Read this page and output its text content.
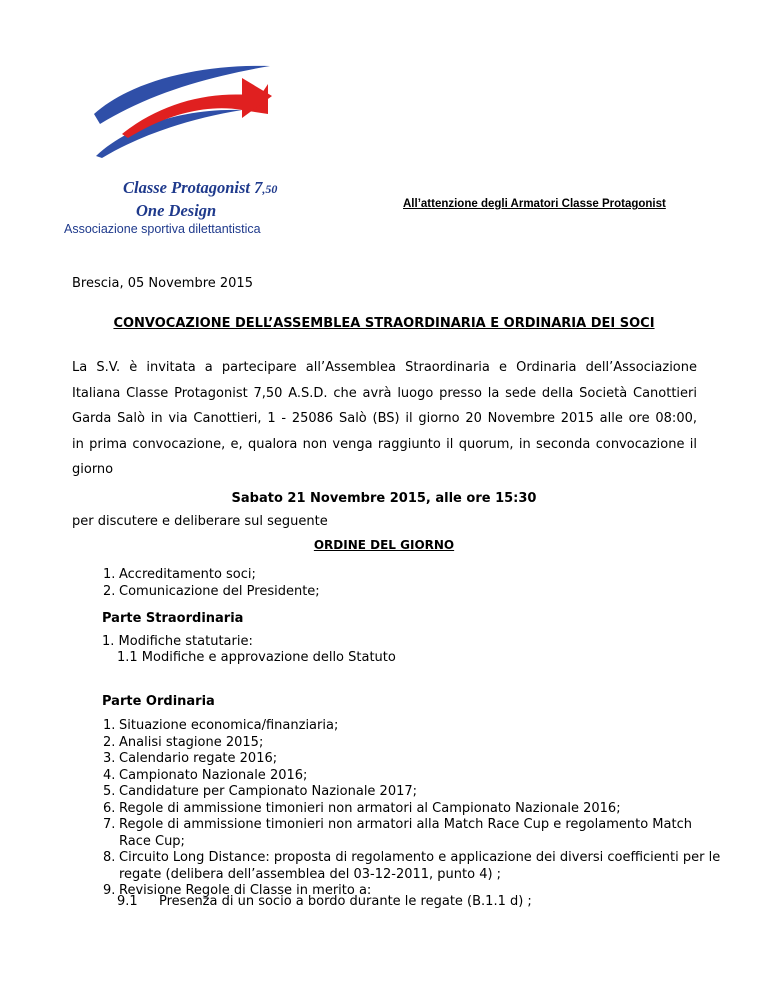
Classe Protagonist 7,50
One Design
Associazione sportiva dilettantistica
All’attenzione degli Armatori Classe Protagonist
Brescia, 05 Novembre 2015
CONVOCAZIONE DELL’ASSEMBLEA STRAORDINARIA E ORDINARIA DEI SOCI
La S.V. è invitata a partecipare all’Assemblea Straordinaria e Ordinaria dell’Associazione
Italiana Classe Protagonist 7,50 A.S.D. che avrà luogo presso la sede della Società Canottieri
Garda Salò in via Canottieri, 1 - 25086 Salò (BS) il giorno 20 Novembre 2015 alle ore 08:00,
in prima convocazione, e, qualora non venga raggiunto il quorum, in seconda convocazione il
giorno
Sabato 21 Novembre 2015, alle ore 15:30
per discutere e deliberare sul seguente
ORDINE DEL GIORNO
1. Accreditamento soci;
2. Comunicazione del Presidente;
Parte Straordinaria
1. Modifiche statutarie:
1.1 Modifiche e approvazione dello Statuto
Parte Ordinaria
1. Situazione economica/finanziaria;
2. Analisi stagione 2015;
3. Calendario regate 2016;
4. Campionato Nazionale 2016;
5. Candidature per Campionato Nazionale 2017;
6. Regole di ammissione timonieri non armatori al Campionato Nazionale 2016;
7. Regole di ammissione timonieri non armatori alla Match Race Cup e regolamento Match Race Cup;
8. Circuito Long Distance: proposta di regolamento e applicazione dei diversi coefficienti per le regate (delibera dell’assemblea del 03-12-2011, punto 4) ;
9. Revisione Regole di Classe in merito a:
9.1 Presenza di un socio a bordo durante le regate (B.1.1 d) ;
